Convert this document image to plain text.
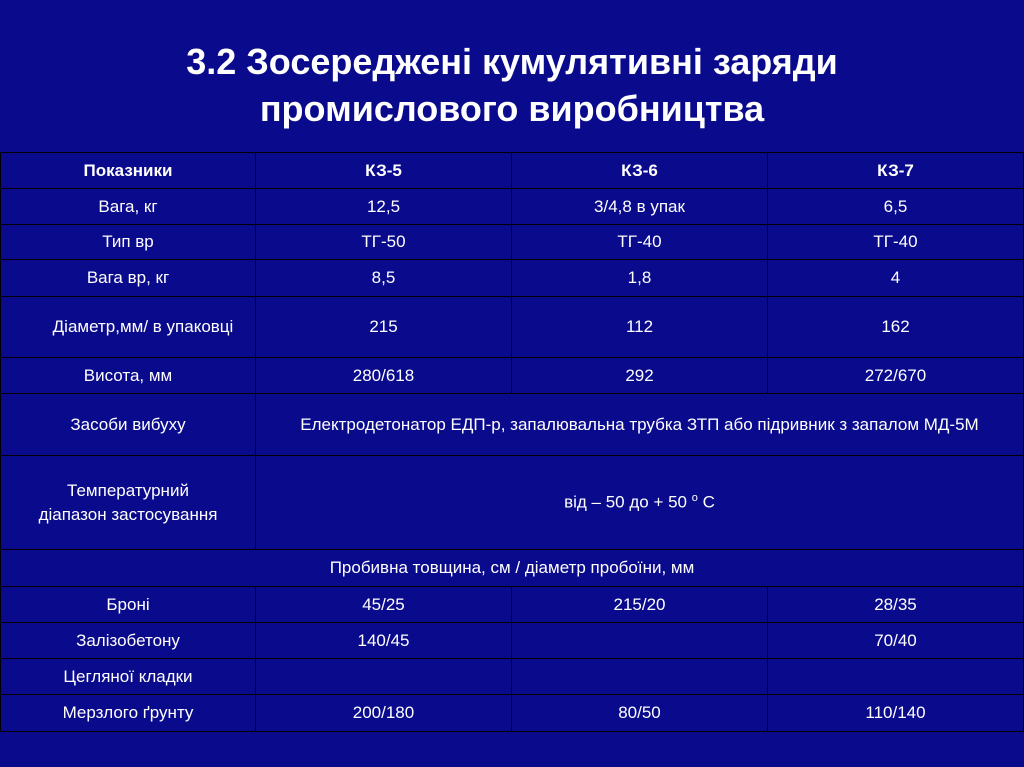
3.2 Зосереджені кумулятивні заряди
промислового виробництва
Показники	КЗ-5	КЗ-6	КЗ-7
Вага, кг	12,5	3/4,8 в упак	6,5
Тип вр	ТГ-50	ТГ-40	ТГ-40
Вага вр, кг	8,5	1,8	4
Діаметр,мм/ в упаковці	215	112	162
Висота, мм	280/618	292	272/670
Засоби вибуху	Електродетонатор ЕДП-р, запалювальна трубка ЗТП або підривник з запалом МД-5М		

Температурний
діапазон застосування	від – 50 до + 50 $^о$ С		
Пробивна товщина, см / діаметр пробоїни, мм			
Броні	45/25	215/20	28/35
Залізобетону	140/45		70/40
Цегляної кладки			
Мерзлого ґрунту	200/180	80/50	110/140
